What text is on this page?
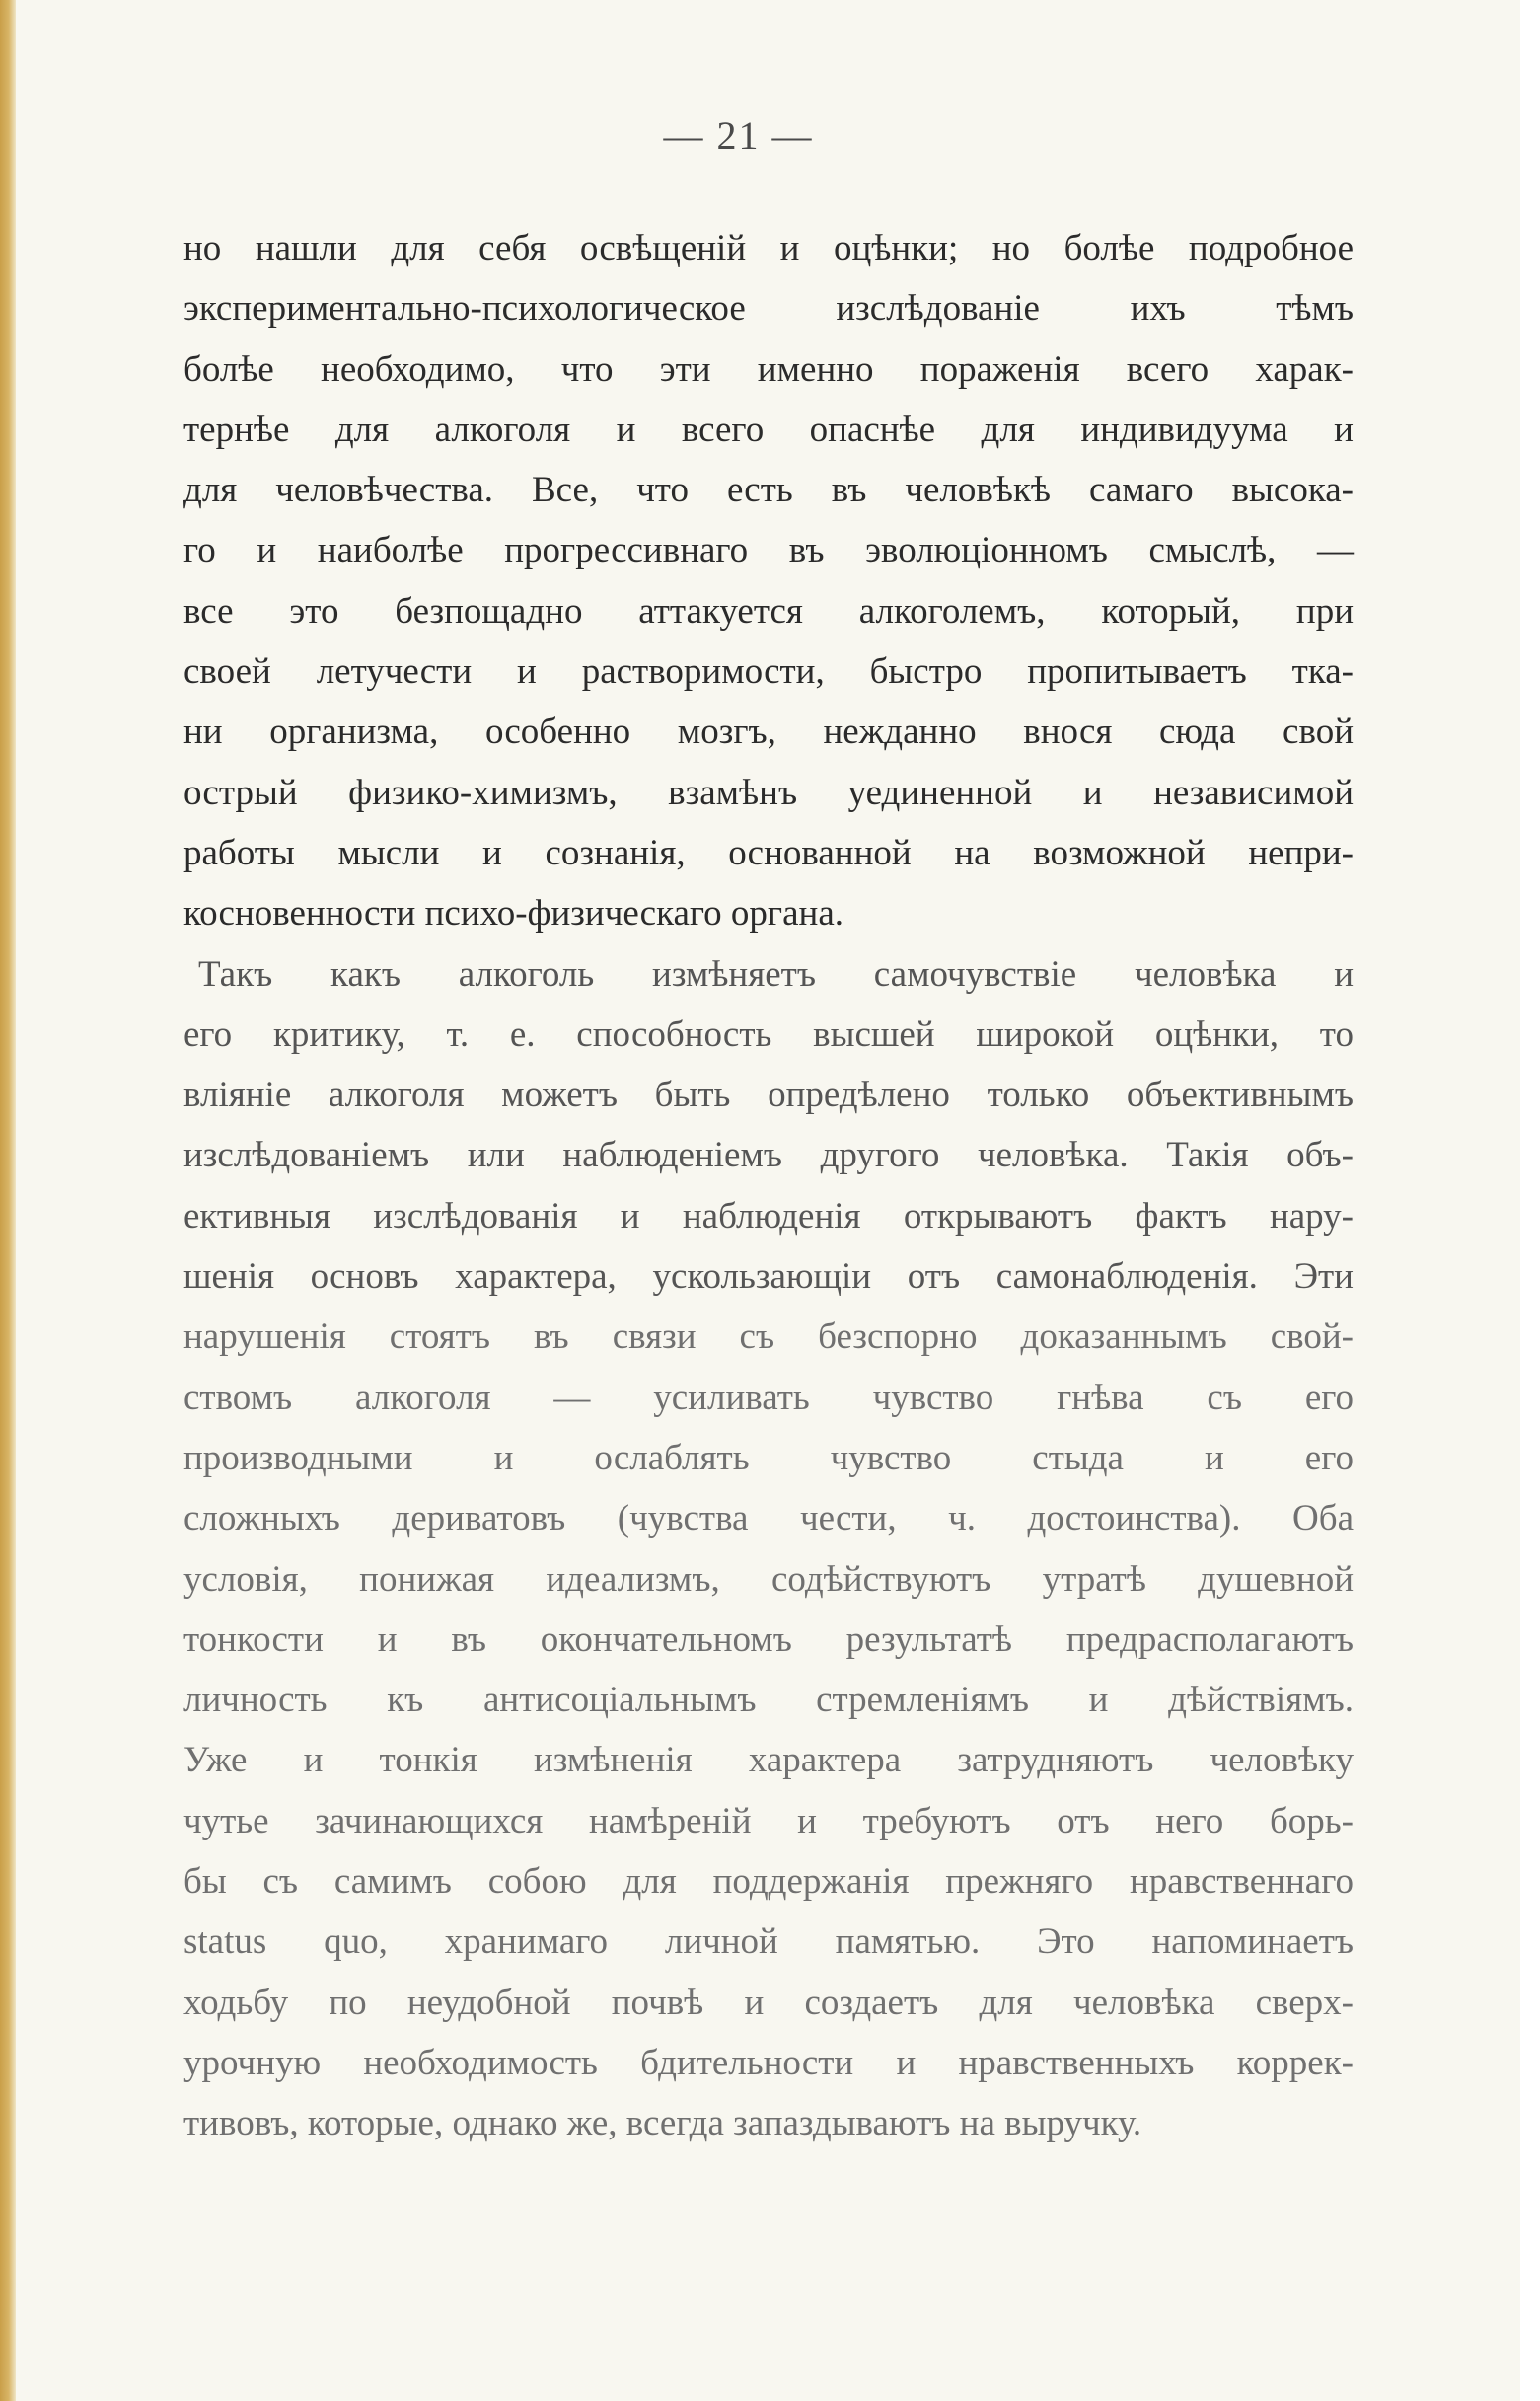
— 21 —
но нашли для себя освѣщеній и оцѣнки; но болѣе подробное
экспериментально-психологическое изслѣдованіе ихъ тѣмъ
болѣе необходимо, что эти именно пораженія всего харак-
тернѣе для алкоголя и всего опаснѣе для индивидуума и
для человѣчества. Все, что есть въ человѣкѣ самаго высока-
го и наиболѣе прогрессивнаго въ эволюціонномъ смыслѣ, —
все это безпощадно аттакуется алкоголемъ, который, при
своей летучести и растворимости, быстро пропитываетъ тка-
ни организма, особенно мозгъ, нежданно внося сюда свой
острый физико-химизмъ, взамѣнъ уединенной и независимой
работы мысли и сознанія, основанной на возможной непри-
косновенности психо-физическаго органа.
Такъ какъ алкоголь измѣняетъ самочувствіе человѣка и
его критику, т. е. способность высшей широкой оцѣнки, то
вліяніе алкоголя можетъ быть опредѣлено только объективнымъ
изслѣдованіемъ или наблюденіемъ другого человѣка. Такія объ-
ективныя изслѣдованія и наблюденія открываютъ фактъ нару-
шенія основъ характера, ускользающіи отъ самонаблюденія. Эти
нарушенія стоятъ въ связи съ безспорно доказаннымъ свой-
ствомъ алкоголя — усиливать чувство гнѣва съ его
производными и ослаблять чувство стыда и его
сложныхъ дериватовъ (чувства чести, ч. достоинства). Оба
условія, понижая идеализмъ, содѣйствуютъ утратѣ душевной
тонкости и въ окончательномъ результатѣ предрасполагаютъ
личность къ антисоціальнымъ стремленіямъ и дѣйствіямъ.
Уже и тонкія измѣненія характера затрудняютъ человѣку
чутье зачинающихся намѣреній и требуютъ отъ него борь-
бы съ самимъ собою для поддержанія прежняго нравственнаго
status quo, хранимаго личной памятью. Это напоминаетъ
ходьбу по неудобной почвѣ и создаетъ для человѣка сверх-
урочную необходимость бдительности и нравственныхъ коррек-
тивовъ, которые, однако же, всегда запаздываютъ на выручку.
